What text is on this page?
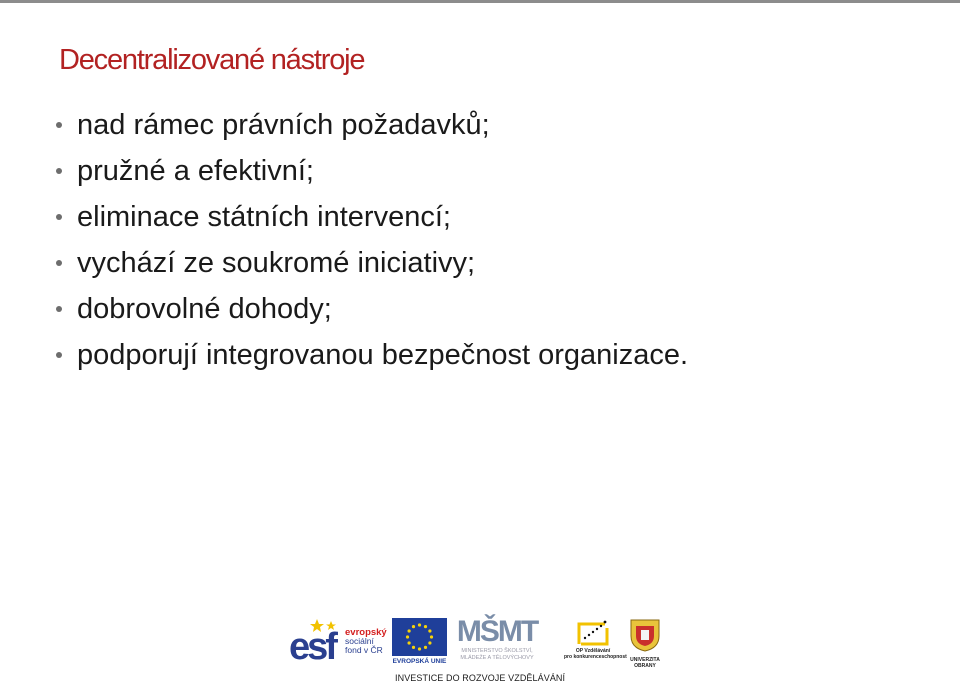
Decentralizované nástroje
nad rámec právních požadavků;
pružné a efektivní;
eliminace státních intervencí;
vychází ze soukromé iniciativy;
dobrovolné dohody;
podporují integrovanou bezpečnost organizace.
esf evropský
sociální
fond v ČR
EVROPSKÁ UNIE
MŠMT
MINISTERSTVO ŠKOLSTVÍ,
MLÁDEŽE A TĚLOVÝCHOVY
OP Vzdělávání
pro konkurenceschopnost UNIVERZITA
OBRANY
INVESTICE DO ROZVOJE VZDĚLÁVÁNÍ
